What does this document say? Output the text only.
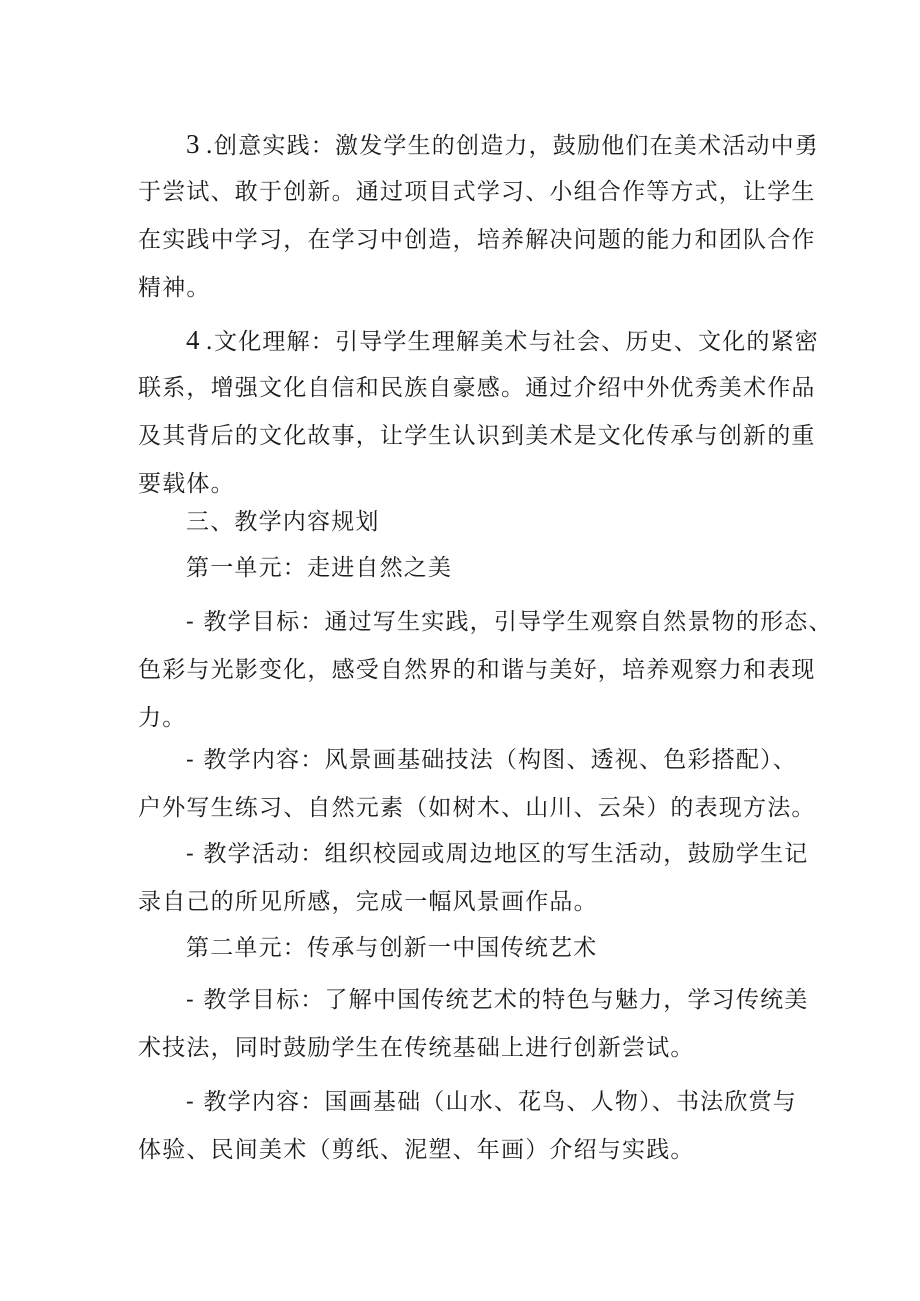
3.创意实践：激发学生的创造力，鼓励他们在美术活动中勇
于尝试、敢于创新。通过项目式学习、小组合作等方式，让学生
在实践中学习，在学习中创造，培养解决问题的能力和团队合作
精神。
4.文化理解：引导学生理解美术与社会、历史、文化的紧密
联系，增强文化自信和民族自豪感。通过介绍中外优秀美术作品
及其背后的文化故事，让学生认识到美术是文化传承与创新的重
要载体。
三、教学内容规划
第一单元：走进自然之美
- 教学目标：通过写生实践，引导学生观察自然景物的形态、
色彩与光影变化，感受自然界的和谐与美好，培养观察力和表现
力。
- 教学内容：风景画基础技法（构图、透视、色彩搭配）、
户外写生练习、自然元素（如树木、山川、云朵）的表现方法。
- 教学活动：组织校园或周边地区的写生活动，鼓励学生记
录自己的所见所感，完成一幅风景画作品。
第二单元：传承与创新一中国传统艺术
- 教学目标：了解中国传统艺术的特色与魅力，学习传统美
术技法，同时鼓励学生在传统基础上进行创新尝试。
- 教学内容：国画基础（山水、花鸟、人物）、书法欣赏与
体验、民间美术（剪纸、泥塑、年画）介绍与实践。
